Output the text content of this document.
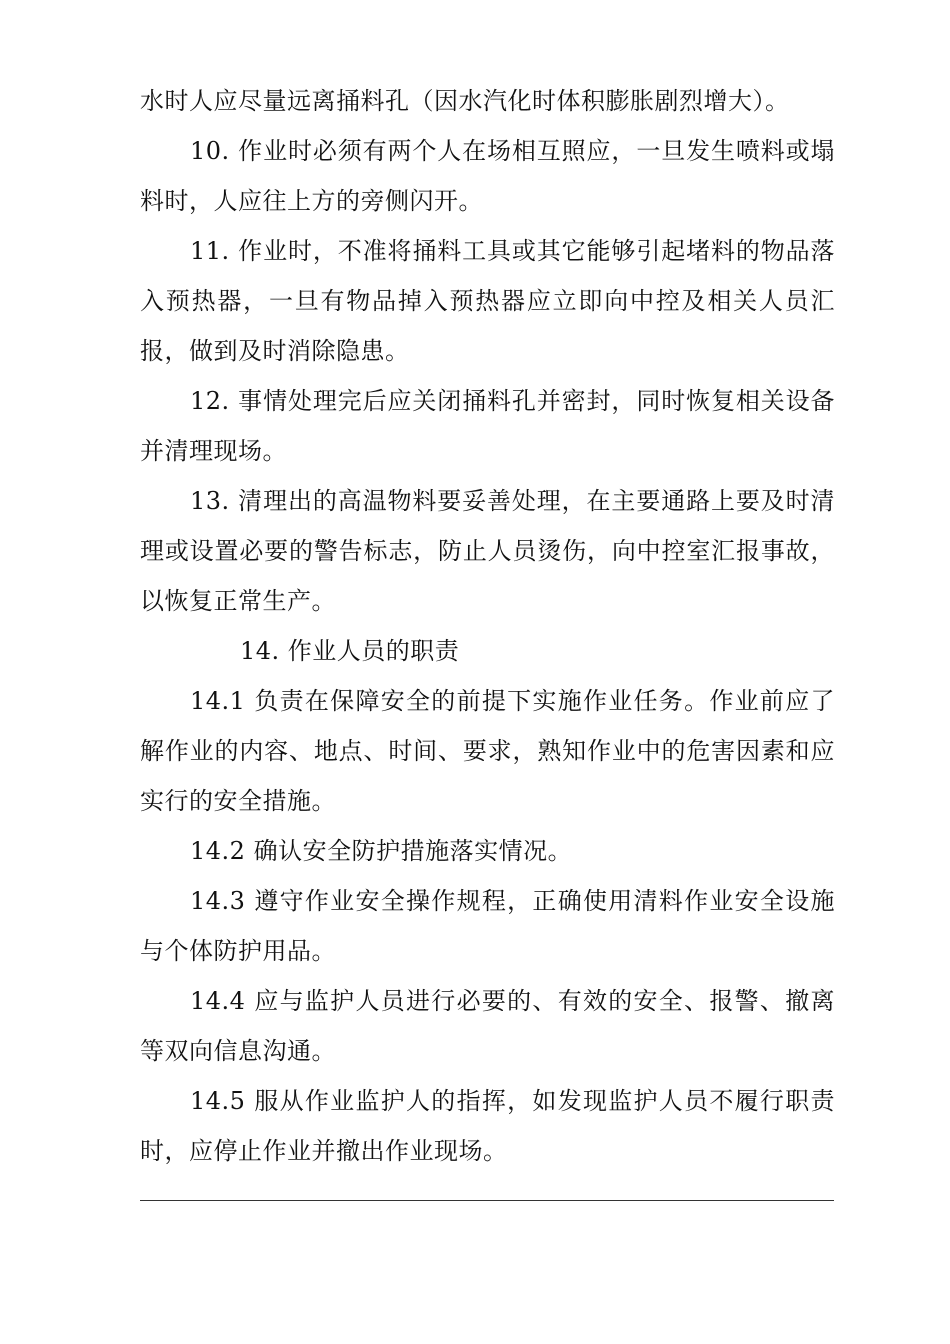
水时人应尽量远离捅料孔（因水汽化时体积膨胀剧烈增大）。

10. 作业时必须有两个人在场相互照应，一旦发生喷料或塌料时，人应往上方的旁侧闪开。

11. 作业时，不准将捅料工具或其它能够引起堵料的物品落入预热器，一旦有物品掉入预热器应立即向中控及相关人员汇报，做到及时消除隐患。

12. 事情处理完后应关闭捅料孔并密封，同时恢复相关设备并清理现场。

13. 清理出的高温物料要妥善处理，在主要通路上要及时清理或设置必要的警告标志，防止人员烫伤，向中控室汇报事故，以恢复正常生产。

14. 作业人员的职责

14.1 负责在保障安全的前提下实施作业任务。作业前应了解作业的内容、地点、时间、要求，熟知作业中的危害因素和应实行的安全措施。

14.2 确认安全防护措施落实情况。

14.3 遵守作业安全操作规程，正确使用清料作业安全设施与个体防护用品。

14.4 应与监护人员进行必要的、有效的安全、报警、撤离等双向信息沟通。

14.5 服从作业监护人的指挥，如发现监护人员不履行职责时，应停止作业并撤出作业现场。
